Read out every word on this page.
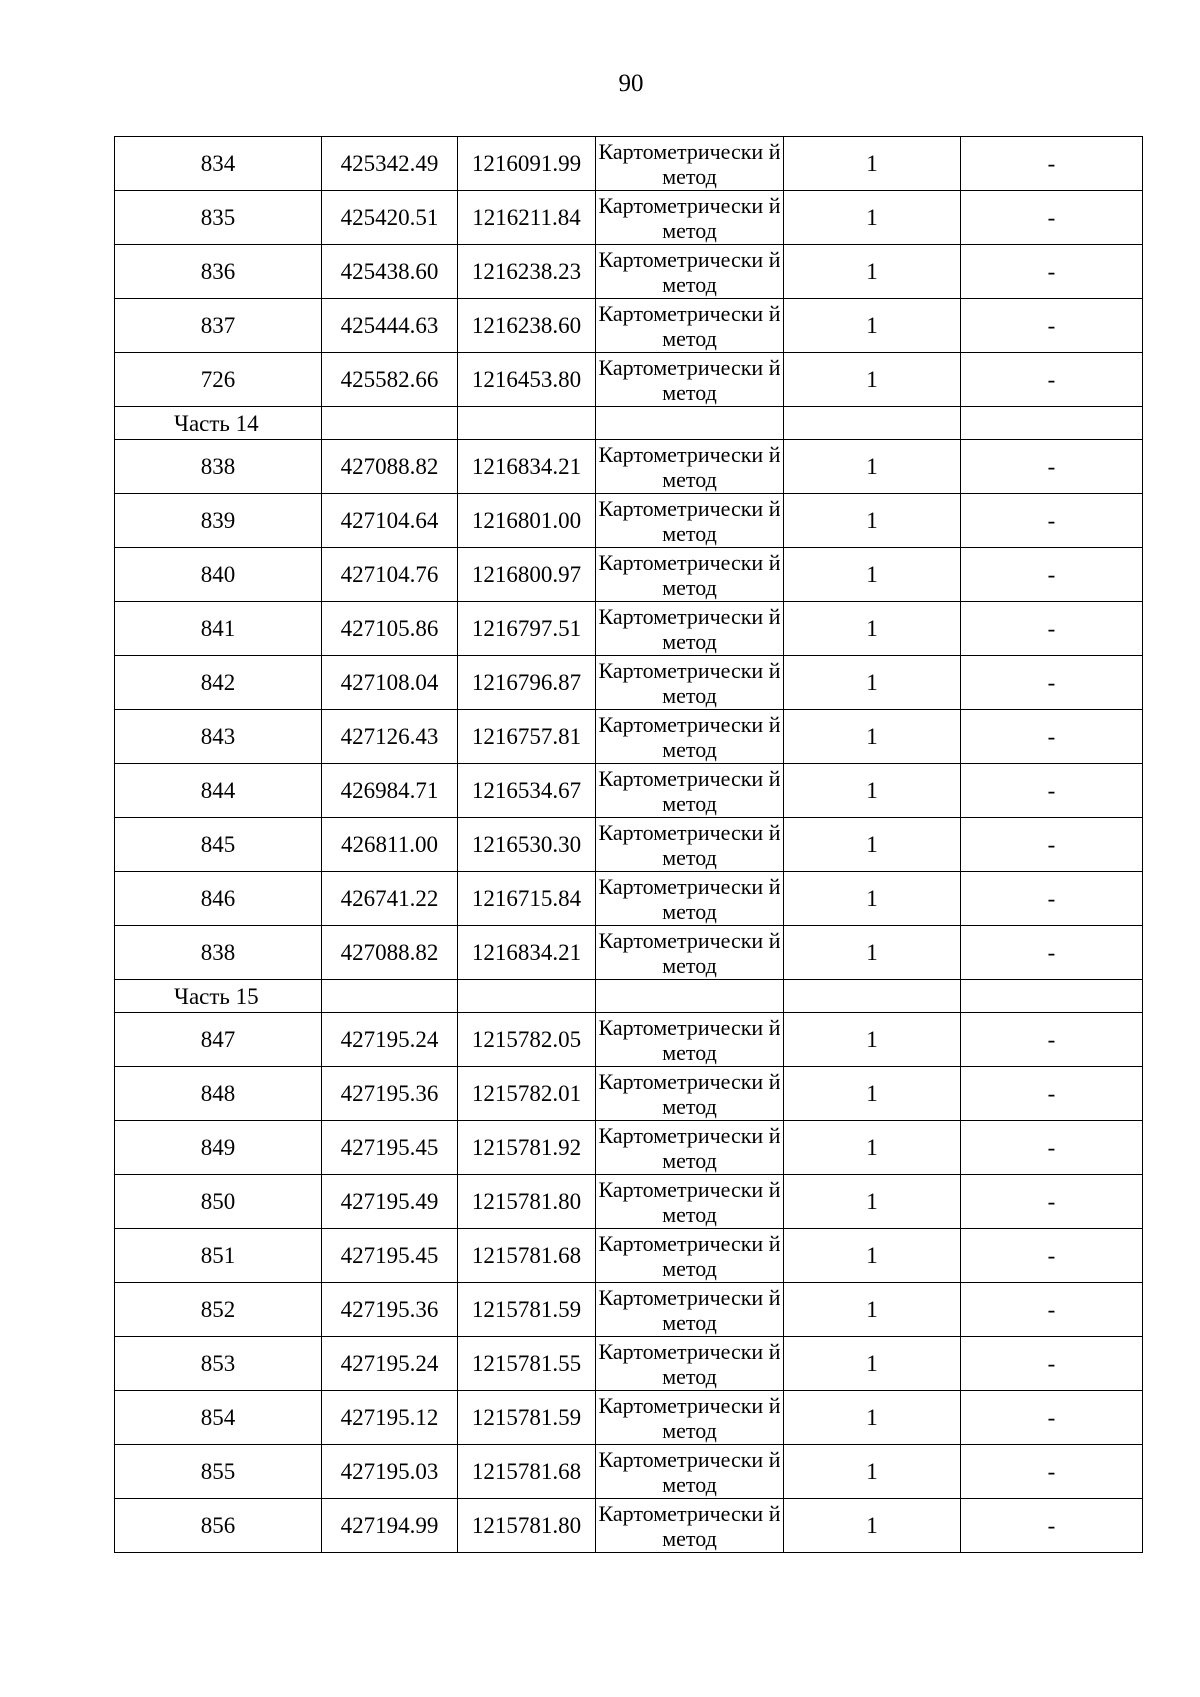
90
834	425342.49	1216091.99	Картометрически й метод	1	-
835	425420.51	1216211.84	Картометрически й метод	1	-
836	425438.60	1216238.23	Картометрически й метод	1	-
837	425444.63	1216238.60	Картометрически й метод	1	-
726	425582.66	1216453.80	Картометрически й метод	1	-
Часть 14					
838	427088.82	1216834.21	Картометрически й метод	1	-
839	427104.64	1216801.00	Картометрически й метод	1	-
840	427104.76	1216800.97	Картометрически й метод	1	-
841	427105.86	1216797.51	Картометрически й метод	1	-
842	427108.04	1216796.87	Картометрически й метод	1	-
843	427126.43	1216757.81	Картометрически й метод	1	-
844	426984.71	1216534.67	Картометрически й метод	1	-
845	426811.00	1216530.30	Картометрически й метод	1	-
846	426741.22	1216715.84	Картометрически й метод	1	-
838	427088.82	1216834.21	Картометрически й метод	1	-
Часть 15					
847	427195.24	1215782.05	Картометрически й метод	1	-
848	427195.36	1215782.01	Картометрически й метод	1	-
849	427195.45	1215781.92	Картометрически й метод	1	-
850	427195.49	1215781.80	Картометрически й метод	1	-
851	427195.45	1215781.68	Картометрически й метод	1	-
852	427195.36	1215781.59	Картометрически й метод	1	-
853	427195.24	1215781.55	Картометрически й метод	1	-
854	427195.12	1215781.59	Картометрически й метод	1	-
855	427195.03	1215781.68	Картометрически й метод	1	-
856	427194.99	1215781.80	Картометрически й метод	1	-
